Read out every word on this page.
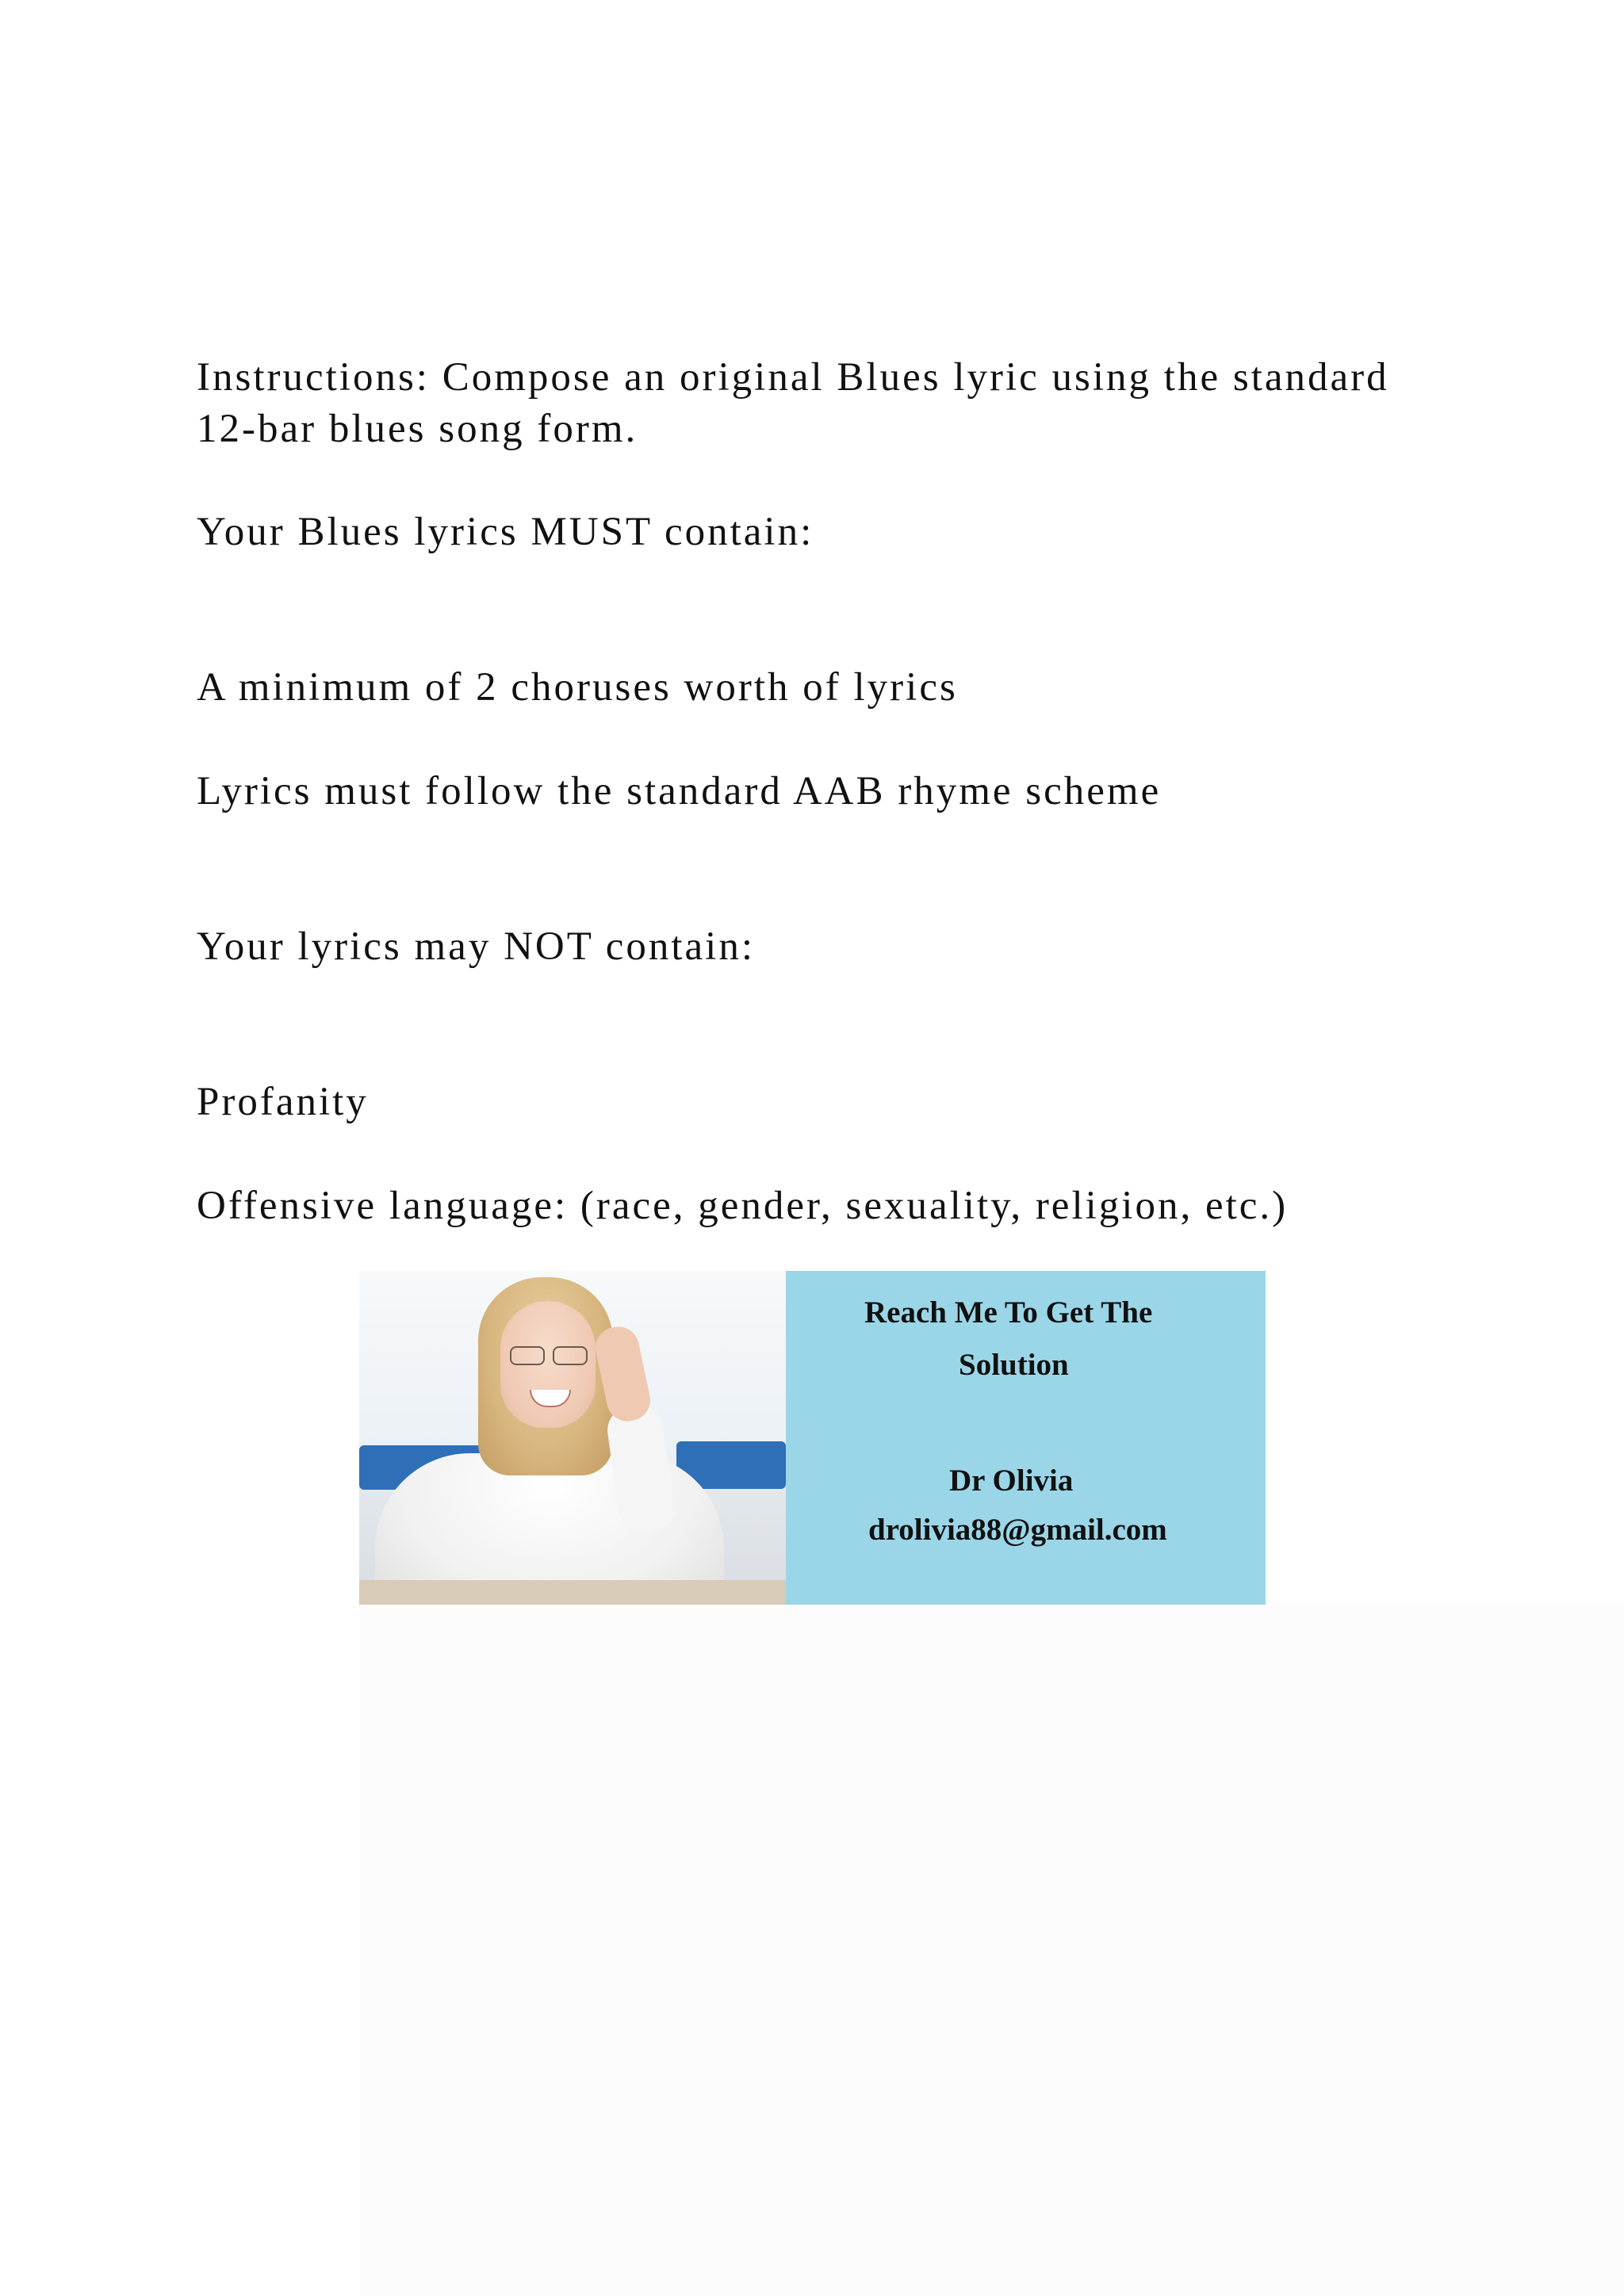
Instructions: Compose an original Blues lyric using the standard
12-bar blues song form.
Your Blues lyrics MUST contain:
A minimum of 2 choruses worth of lyrics
Lyrics must follow the standard AAB rhyme scheme
Your lyrics may NOT contain:
Profanity
Offensive language: (race, gender, sexuality, religion, etc.)
Reach Me To Get The
Solution
Dr Olivia
drolivia88@gmail.com
